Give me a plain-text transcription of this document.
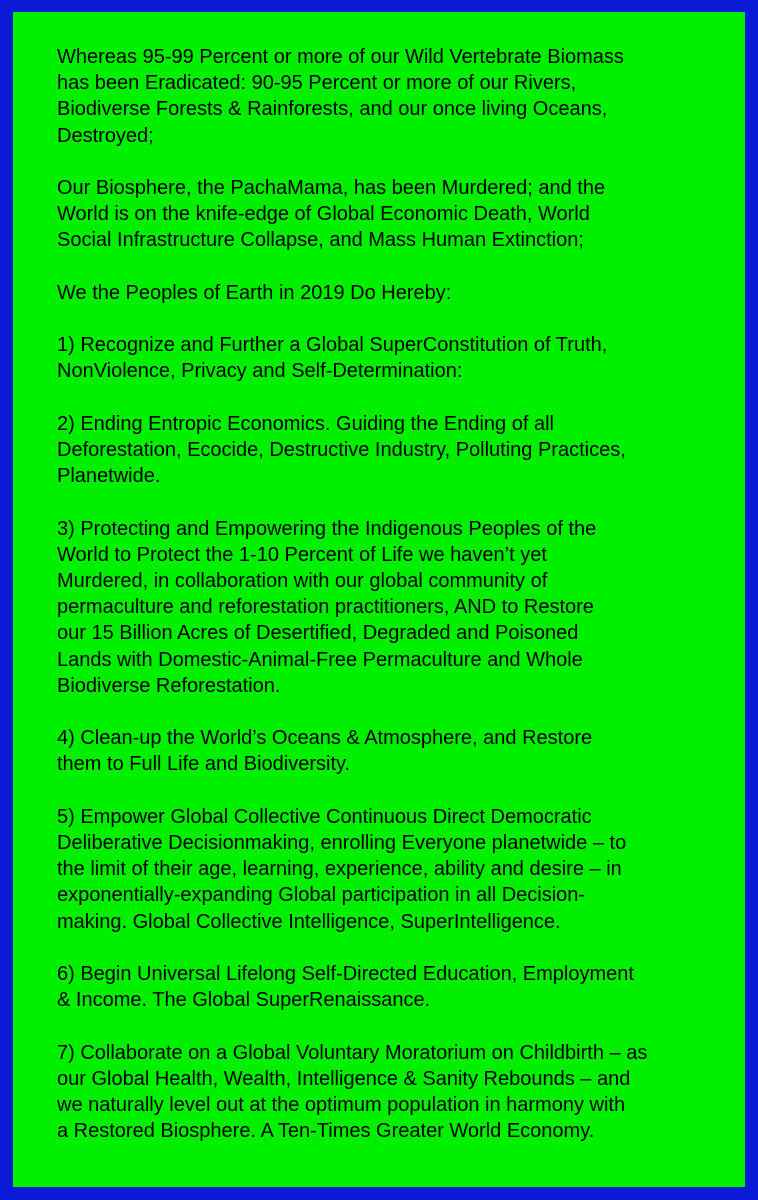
Whereas 95-99 Percent or more of our Wild Vertebrate Biomass
has been Eradicated: 90-95 Percent or more of our Rivers,
Biodiverse Forests & Rainforests, and our once living Oceans,
Destroyed;
Our Biosphere, the PachaMama, has been Murdered; and the
World is on the knife-edge of Global Economic Death, World
Social Infrastructure Collapse, and Mass Human Extinction;
We the Peoples of Earth in 2019 Do Hereby:
1) Recognize and Further a Global SuperConstitution of Truth,
NonViolence, Privacy and Self-Determination:
2) Ending Entropic Economics. Guiding the Ending of all
Deforestation, Ecocide, Destructive Industry, Polluting Practices,
Planetwide.
3) Protecting and Empowering the Indigenous Peoples of the
World to Protect the 1-10 Percent of Life we haven’t yet
Murdered, in collaboration with our global community of
permaculture and reforestation practitioners, AND to Restore
our 15 Billion Acres of Desertified, Degraded and Poisoned
Lands with Domestic-Animal-Free Permaculture and Whole
Biodiverse Reforestation.
4) Clean-up the World’s Oceans & Atmosphere, and Restore
them to Full Life and Biodiversity.
5) Empower Global Collective Continuous Direct Democratic
Deliberative Decisionmaking, enrolling Everyone planetwide – to
the limit of their age, learning, experience, ability and desire – in
exponentially-expanding Global participation in all Decision-
making. Global Collective Intelligence, SuperIntelligence.
6) Begin Universal Lifelong Self-Directed Education, Employment
& Income. The Global SuperRenaissance.
7) Collaborate on a Global Voluntary Moratorium on Childbirth – as
our Global Health, Wealth, Intelligence & Sanity Rebounds – and
we naturally level out at the optimum population in harmony with
a Restored Biosphere. A Ten-Times Greater World Economy.
